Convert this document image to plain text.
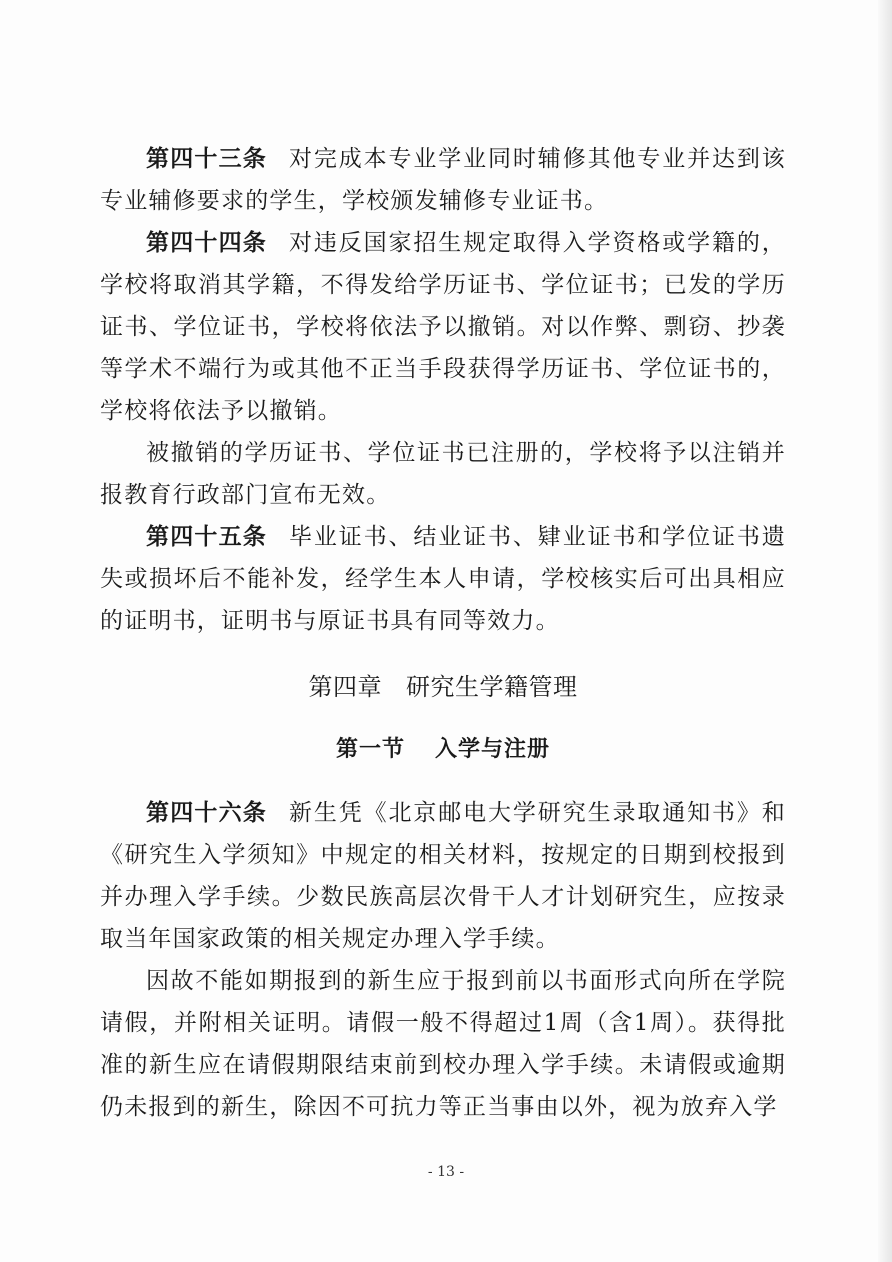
第四十三条 对完成本专业学业同时辅修其他专业并达到该专业辅修要求的学生，学校颁发辅修专业证书。

第四十四条 对违反国家招生规定取得入学资格或学籍的，学校将取消其学籍，不得发给学历证书、学位证书；已发的学历证书、学位证书，学校将依法予以撤销。对以作弊、剽窃、抄袭等学术不端行为或其他不正当手段获得学历证书、学位证书的，学校将依法予以撤销。

被撤销的学历证书、学位证书已注册的，学校将予以注销并报教育行政部门宣布无效。

第四十五条 毕业证书、结业证书、肄业证书和学位证书遗失或损坏后不能补发，经学生本人申请，学校核实后可出具相应的证明书，证明书与原证书具有同等效力。

第四章 研究生学籍管理
第一节 入学与注册

第四十六条 新生凭《北京邮电大学研究生录取通知书》和《研究生入学须知》中规定的相关材料，按规定的日期到校报到并办理入学手续。少数民族高层次骨干人才计划研究生，应按录取当年国家政策的相关规定办理入学手续。

因故不能如期报到的新生应于报到前以书面形式向所在学院请假，并附相关证明。请假一般不得超过1周（含1周）。获得批准的新生应在请假期限结束前到校办理入学手续。未请假或逾期仍未报到的新生，除因不可抗力等正当事由以外，视为放弃入学

- 13 -
